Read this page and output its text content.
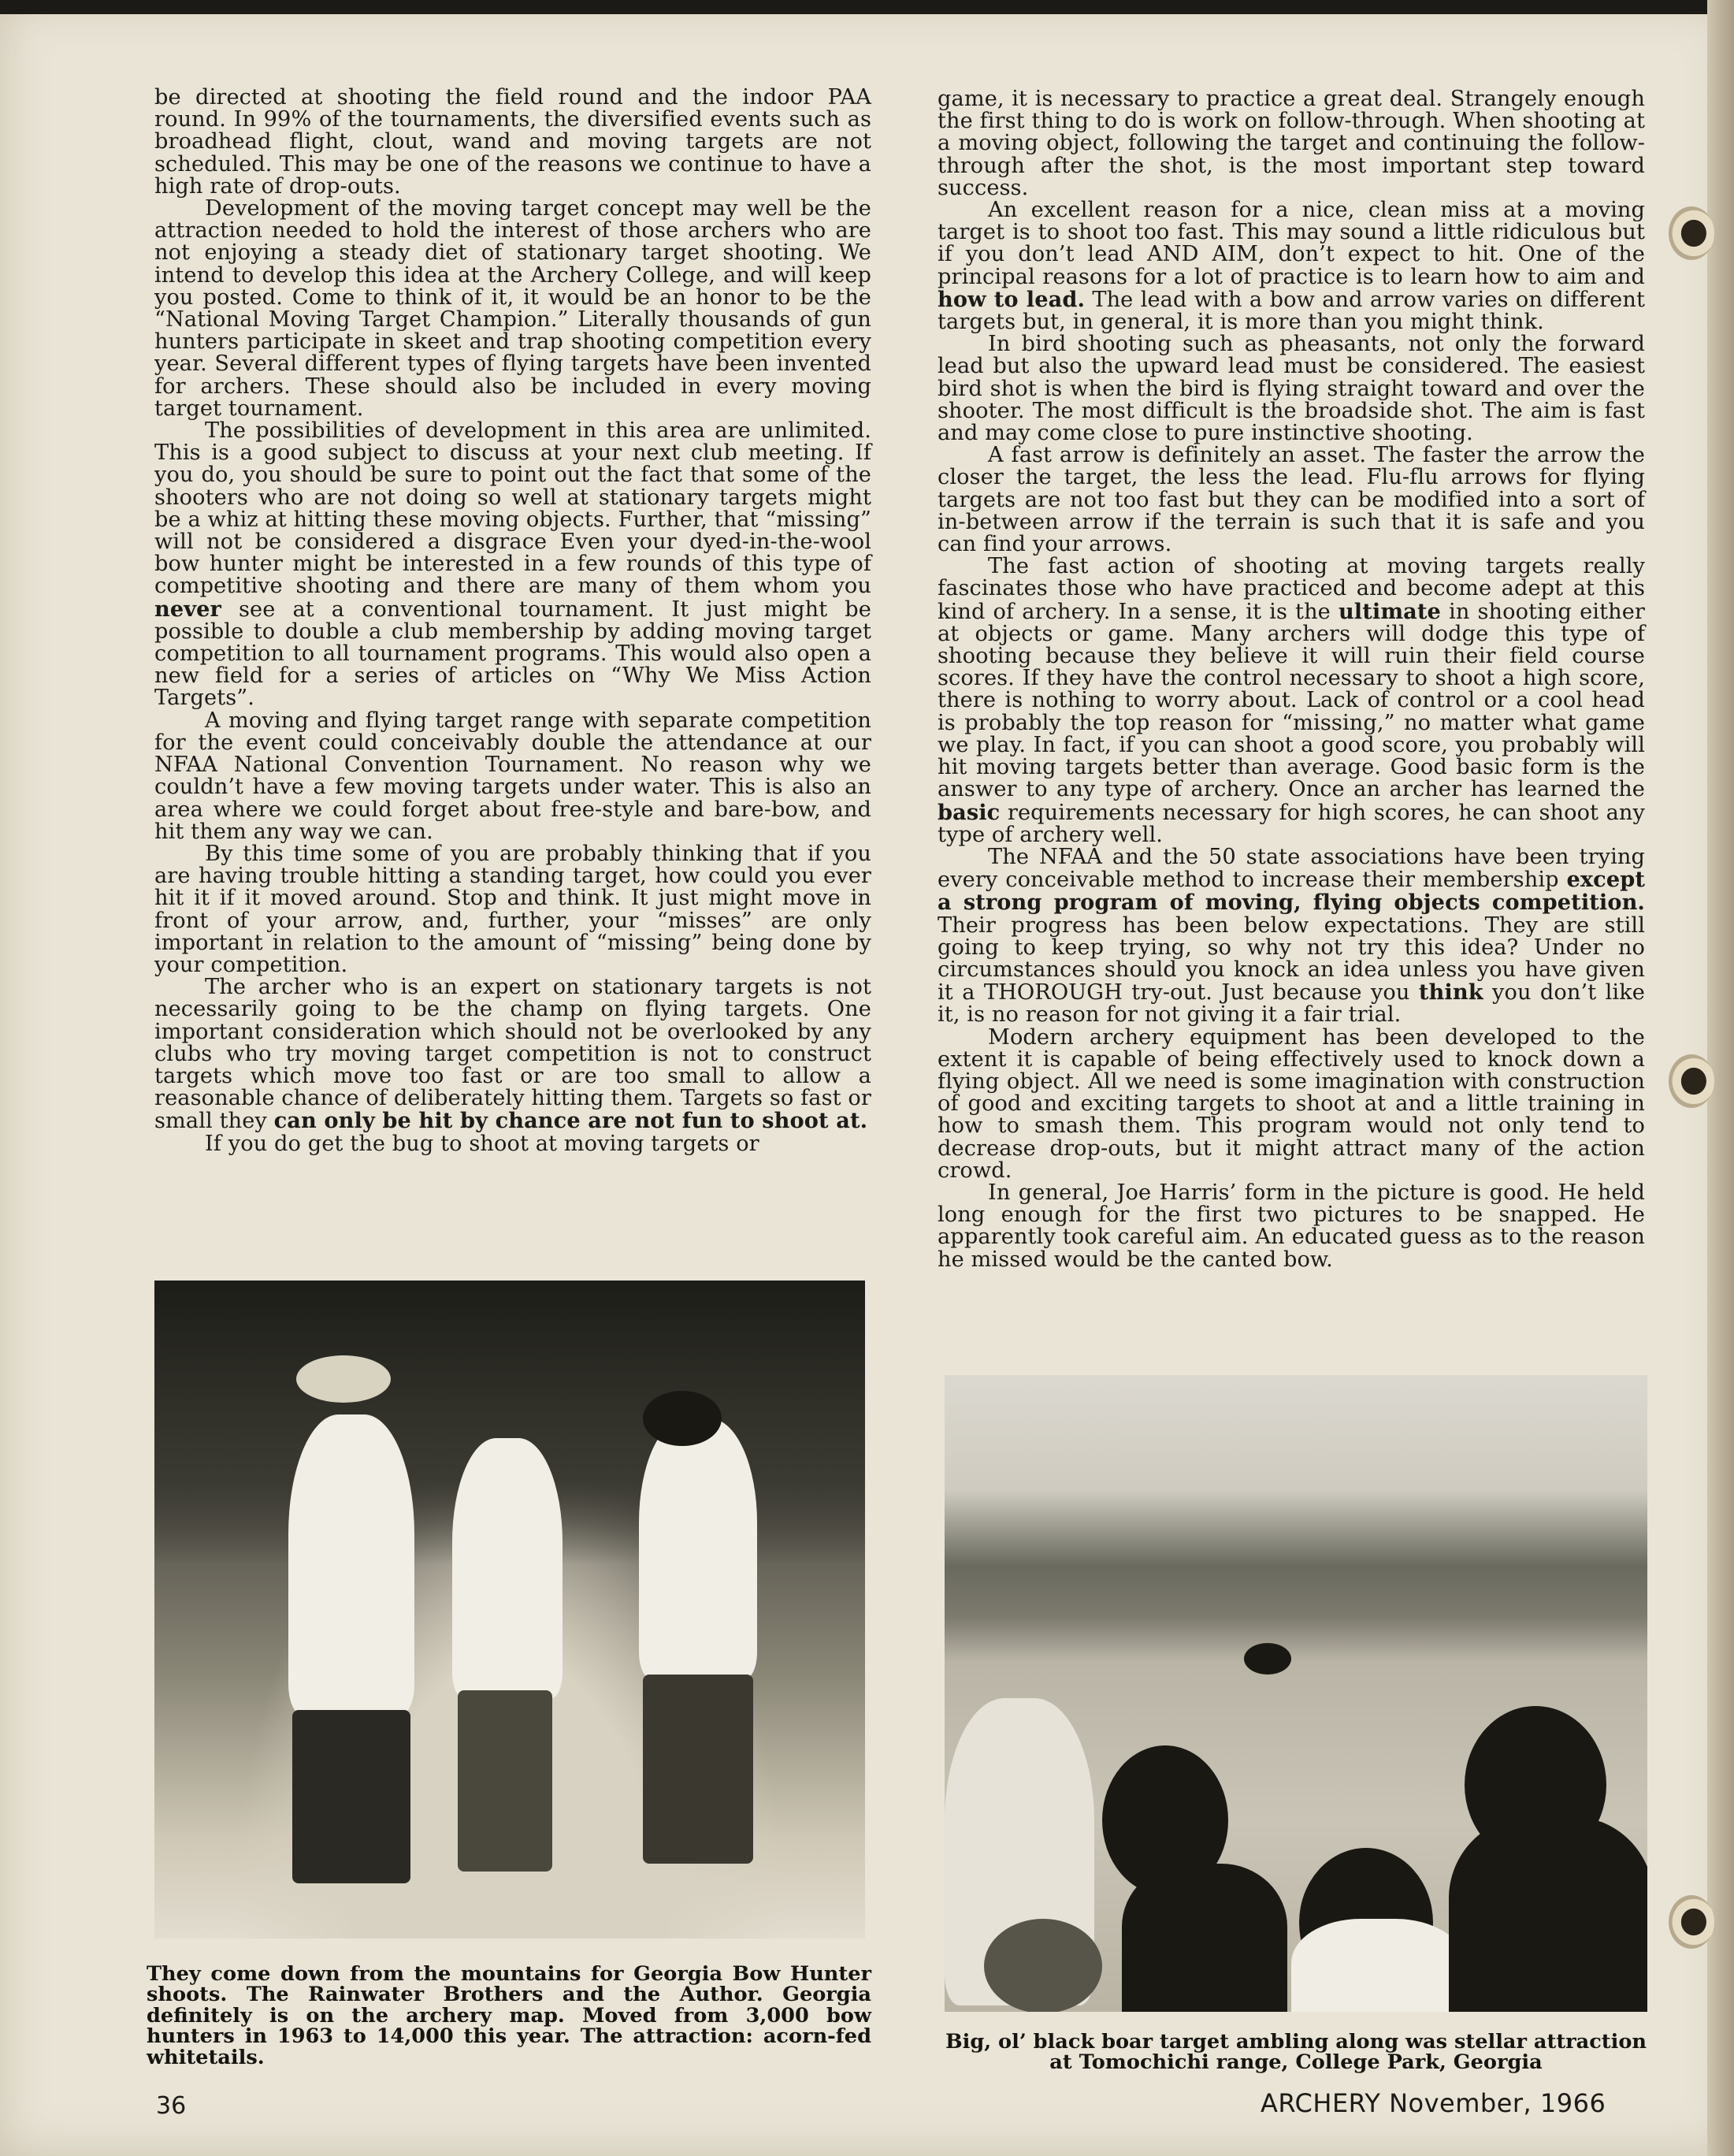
be directed at shooting the field round and the indoor PAA round. In 99% of the tournaments, the diversified events such as broadhead flight, clout, wand and moving targets are not scheduled. This may be one of the reasons we continue to have a high rate of drop-outs.

Development of the moving target concept may well be the attraction needed to hold the interest of those archers who are not enjoying a steady diet of stationary target shooting. We intend to develop this idea at the Archery College, and will keep you posted. Come to think of it, it would be an honor to be the “National Moving Target Champion.” Literally thousands of gun hunters participate in skeet and trap shooting competition every year. Several different types of flying targets have been invented for archers. These should also be included in every moving target tournament.

The possibilities of development in this area are unlimited. This is a good subject to discuss at your next club meeting. If you do, you should be sure to point out the fact that some of the shooters who are not doing so well at stationary targets might be a whiz at hitting these moving objects. Further, that “missing” will not be considered a disgrace Even your dyed-in-the-wool bow hunter might be interested in a few rounds of this type of competitive shooting and there are many of them whom you never see at a conventional tournament. It just might be possible to double a club membership by adding moving target competition to all tournament programs. This would also open a new field for a series of articles on “Why We Miss Action Targets”.

A moving and flying target range with separate competition for the event could conceivably double the attendance at our NFAA National Convention Tournament. No reason why we couldn’t have a few moving targets under water. This is also an area where we could forget about free-style and bare-bow, and hit them any way we can.

By this time some of you are probably thinking that if you are having trouble hitting a standing target, how could you ever hit it if it moved around. Stop and think. It just might move in front of your arrow, and, further, your “misses” are only important in relation to the amount of “missing” being done by your competition.

The archer who is an expert on stationary targets is not necessarily going to be the champ on flying targets. One important consideration which should not be overlooked by any clubs who try moving target competition is not to construct targets which move too fast or are too small to allow a reasonable chance of deliberately hitting them. Targets so fast or small they can only be hit by chance are not fun to shoot at.

If you do get the bug to shoot at moving targets or

game, it is necessary to practice a great deal. Strangely enough the first thing to do is work on follow-through. When shooting at a moving object, following the target and continuing the follow-through after the shot, is the most important step toward success.

An excellent reason for a nice, clean miss at a moving target is to shoot too fast. This may sound a little ridiculous but if you don’t lead AND AIM, don’t expect to hit. One of the principal reasons for a lot of practice is to learn how to aim and how to lead. The lead with a bow and arrow varies on different targets but, in general, it is more than you might think.

In bird shooting such as pheasants, not only the forward lead but also the upward lead must be considered. The easiest bird shot is when the bird is flying straight toward and over the shooter. The most difficult is the broadside shot. The aim is fast and may come close to pure instinctive shooting.

A fast arrow is definitely an asset. The faster the arrow the closer the target, the less the lead. Flu-flu arrows for flying targets are not too fast but they can be modified into a sort of in-between arrow if the terrain is such that it is safe and you can find your arrows.

The fast action of shooting at moving targets really fascinates those who have practiced and become adept at this kind of archery. In a sense, it is the ultimate in shooting either at objects or game. Many archers will dodge this type of shooting because they believe it will ruin their field course scores. If they have the control necessary to shoot a high score, there is nothing to worry about. Lack of control or a cool head is probably the top reason for “missing,” no matter what game we play. In fact, if you can shoot a good score, you probably will hit moving targets better than average. Good basic form is the answer to any type of archery. Once an archer has learned the basic requirements necessary for high scores, he can shoot any type of archery well.

The NFAA and the 50 state associations have been trying every conceivable method to increase their membership except a strong program of moving, flying objects competition. Their progress has been below expectations. They are still going to keep trying, so why not try this idea? Under no circumstances should you knock an idea unless you have given it a THOROUGH try-out. Just because you think you don’t like it, is no reason for not giving it a fair trial.

Modern archery equipment has been developed to the extent it is capable of being effectively used to knock down a flying object. All we need is some imagination with construction of good and exciting targets to shoot at and a little training in how to smash them. This program would not only tend to decrease drop-outs, but it might attract many of the action crowd.

In general, Joe Harris’ form in the picture is good. He held long enough for the first two pictures to be snapped. He apparently took careful aim. An educated guess as to the reason he missed would be the canted bow.

They come down from the mountains for Georgia Bow Hunter shoots. The Rainwater Brothers and the Author. Georgia definitely is on the archery map. Moved from 3,000 bow hunters in 1963 to 14,000 this year. The attraction: acorn-fed whitetails.
Big, ol’ black boar target ambling along was stellar attraction at Tomochichi range, College Park, Georgia
36	ARCHERY November, 1966
